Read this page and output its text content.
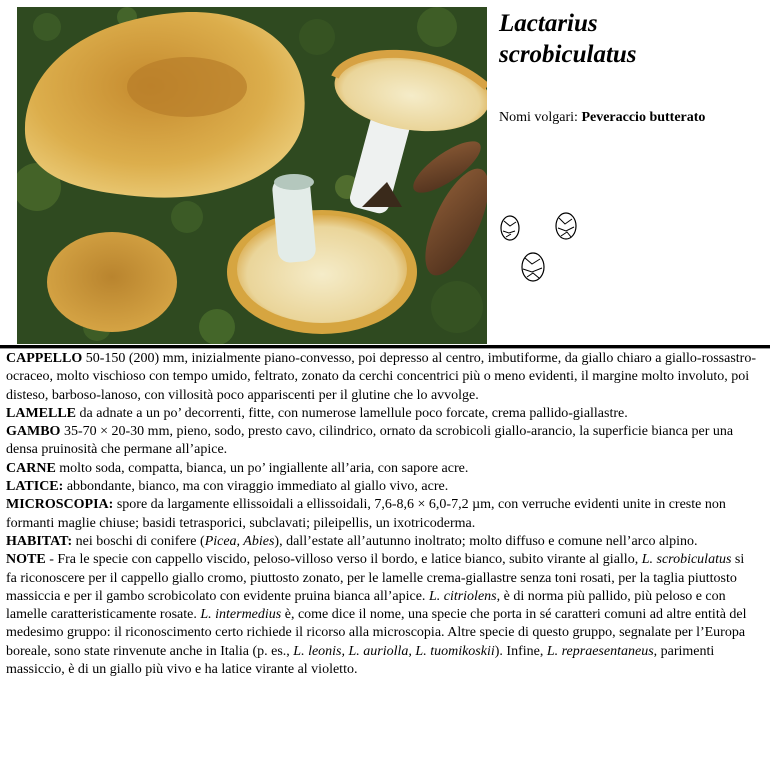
Lactarius
scrobiculatus
Nomi volgari: Peveraccio butterato

CAPPELLO 50-150 (200) mm, inizialmente piano-convesso, poi depresso al centro, imbutiforme, da giallo chiaro a giallo-rossastro-ocraceo, molto vischioso con tempo umido, feltrato, zonato da cerchi concentrici più o meno evidenti, il margine molto involuto, poi disteso, barboso-lanoso, con villosità poco appariscenti per il glutine che lo avvolge.

LAMELLE da adnate a un po’ decorrenti, fitte, con numerose lamellule poco forcate, crema pallido-giallastre.

GAMBO 35-70 × 20-30 mm, pieno, sodo, presto cavo, cilindrico, ornato da scrobicoli giallo-arancio, la superficie bianca per una densa pruinosità che permane all’apice.

CARNE molto soda, compatta, bianca, un po’ ingiallente all’aria, con sapore acre.

LATICE: abbondante, bianco, ma con viraggio immediato al giallo vivo, acre.

MICROSCOPIA: spore da largamente ellissoidali a ellissoidali, 7,6-8,6 × 6,0-7,2 µm, con verruche evidenti unite in creste non formanti maglie chiuse; basidi tetrasporici, subclavati; pileipellis, un ixotricoderma.

HABITAT: nei boschi di conifere (Picea, Abies), dall’estate all’autunno inoltrato; molto diffuso e comune nell’arco alpino.

NOTE - Fra le specie con cappello viscido, peloso-villoso verso il bordo, e latice bianco, subito virante al giallo, L. scrobiculatus si fa riconoscere per il cappello giallo cromo, piuttosto zonato, per le lamelle crema-giallastre senza toni rosati, per la taglia piuttosto massiccia e per il gambo scrobicolato con evidente pruina bianca all’apice. L. citriolens, è di norma più pallido, più peloso e con lamelle caratteristicamente rosate. L. intermedius è, come dice il nome, una specie che porta in sé caratteri comuni ad altre entità del medesimo gruppo: il riconoscimento certo richiede il ricorso alla microscopia. Altre specie di questo gruppo, segnalate per l’Europa boreale, sono state rinvenute anche in Italia (p. es., L. leonis, L. auriolla, L. tuomikoskii). Infine, L. repraesentaneus, parimenti massiccio, è di un giallo più vivo e ha latice virante al violetto.
